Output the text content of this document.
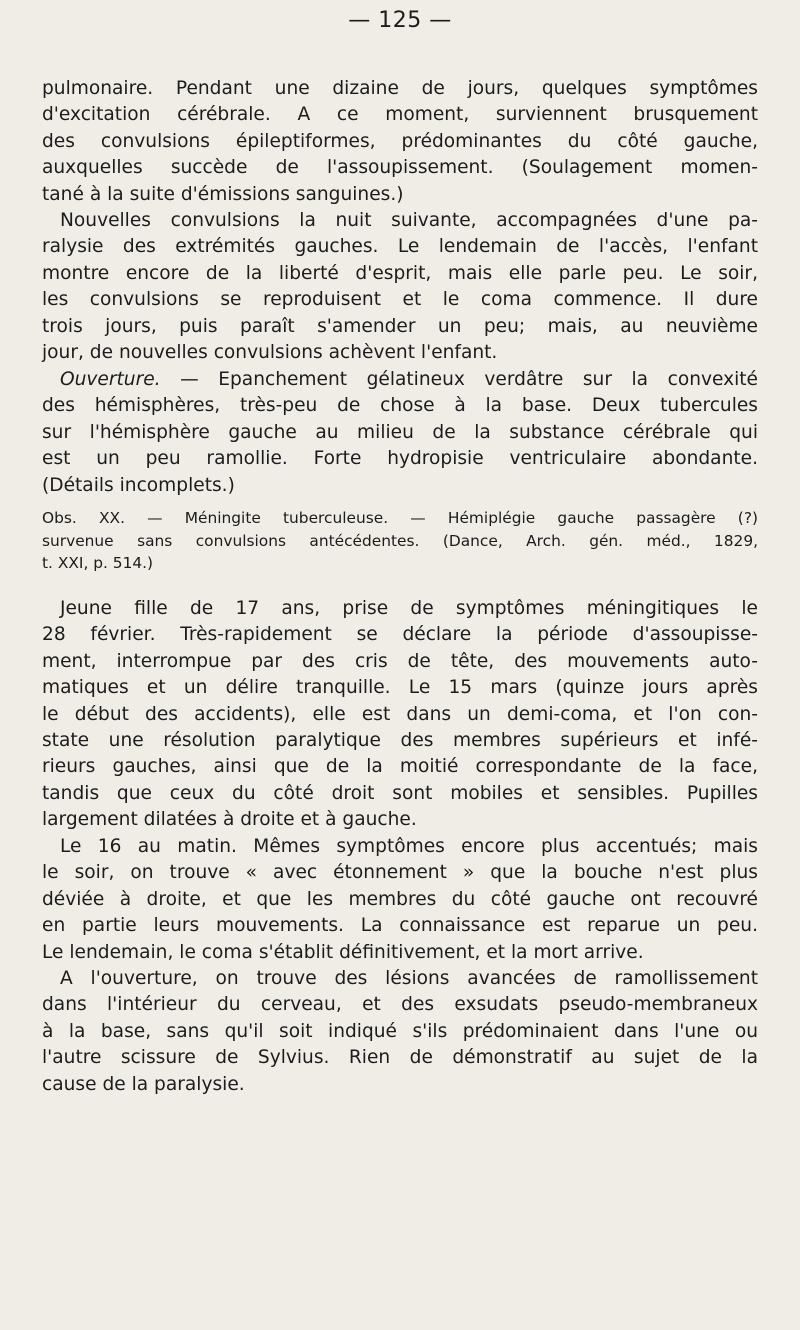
— 125 —
pulmonaire. Pendant une dizaine de jours, quelques symptômes
d'excitation cérébrale. A ce moment, surviennent brusquement
des convulsions épileptiformes, prédominantes du côté gauche,
auxquelles succède de l'assoupissement. (Soulagement momen-
tané à la suite d'émissions sanguines.)
Nouvelles convulsions la nuit suivante, accompagnées d'une pa-
ralysie des extrémités gauches. Le lendemain de l'accès, l'enfant
montre encore de la liberté d'esprit, mais elle parle peu. Le soir,
les convulsions se reproduisent et le coma commence. Il dure
trois jours, puis paraît s'amender un peu; mais, au neuvième
jour, de nouvelles convulsions achèvent l'enfant.
Ouverture. — Epanchement gélatineux verdâtre sur la convexité
des hémisphères, très-peu de chose à la base. Deux tubercules
sur l'hémisphère gauche au milieu de la substance cérébrale qui
est un peu ramollie. Forte hydropisie ventriculaire abondante.
(Détails incomplets.)
Obs. XX. — Méningite tuberculeuse. — Hémiplégie gauche passagère (?)
survenue sans convulsions antécédentes. (Dance, Arch. gén. méd., 1829,
t. XXI, p. 514.)
Jeune fille de 17 ans, prise de symptômes méningitiques le
28 février. Très-rapidement se déclare la période d'assoupisse-
ment, interrompue par des cris de tête, des mouvements auto-
matiques et un délire tranquille. Le 15 mars (quinze jours après
le début des accidents), elle est dans un demi-coma, et l'on con-
state une résolution paralytique des membres supérieurs et infé-
rieurs gauches, ainsi que de la moitié correspondante de la face,
tandis que ceux du côté droit sont mobiles et sensibles. Pupilles
largement dilatées à droite et à gauche.
Le 16 au matin. Mêmes symptômes encore plus accentués; mais
le soir, on trouve « avec étonnement » que la bouche n'est plus
déviée à droite, et que les membres du côté gauche ont recouvré
en partie leurs mouvements. La connaissance est reparue un peu.
Le lendemain, le coma s'établit définitivement, et la mort arrive.
A l'ouverture, on trouve des lésions avancées de ramollissement
dans l'intérieur du cerveau, et des exsudats pseudo-membraneux
à la base, sans qu'il soit indiqué s'ils prédominaient dans l'une ou
l'autre scissure de Sylvius. Rien de démonstratif au sujet de la
cause de la paralysie.
